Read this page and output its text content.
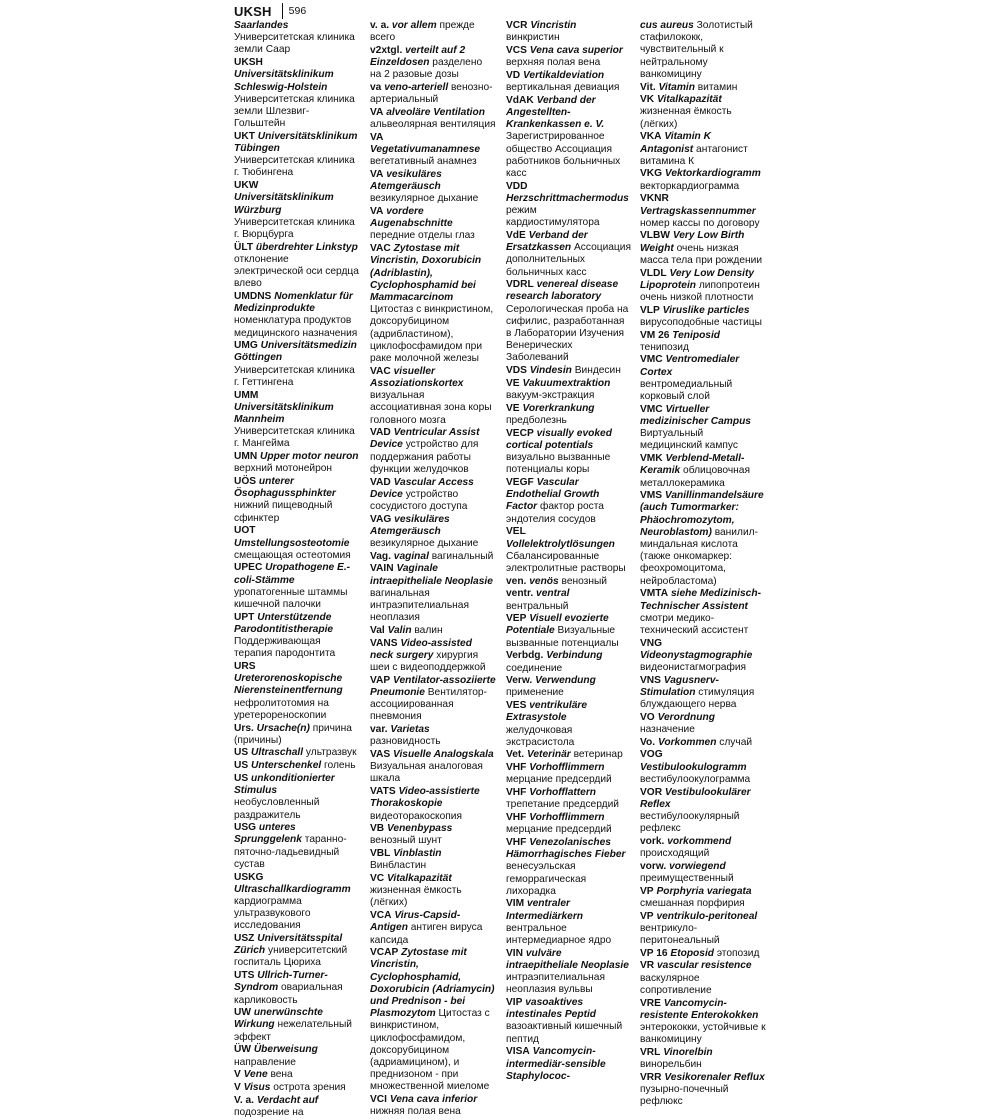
UKSH 596
Saarlandes Университетская клиника земли Саар
UKSH Universitätsklinikum Schleswig-Holstein Университетская клиника земли Шлезвиг-Гольштейн
UKT Universitätsklinikum Tübingen Университетская клиника г. Тюбингена
UKW Universitätsklinikum Würzburg Университетская клиника г. Вюрцбурга
ÜLT überdrehter Linkstyp отклонение электрической оси сердца влево
UMDNS Nomenklatur für Medizinprodukte номенклатура продуктов медицинского назначения
UMG Universitätsmedizin Göttingen Университетская клиника г. Геттингена
UMM Universitätsklinikum Mannheim Университетская клиника г. Мангейма
UMN Upper motor neuron верхний мотонейрон
UÖS unterer Ösophagussphinkter нижний пищеводный сфинктер
UOT Umstellungsosteotomie смещающая остеотомия
UPEC Uropathogene E.-coli-Stämme уропатогенные штаммы кишечной палочки
UPT Unterstützende Parodontitistherapie Поддерживающая терапия пародонтита
URS Ureterorenoskopische Nierensteinentfernung нефролитотомия на уретерореноскопии
Urs. Ursache(n) причина (причины)
US Ultraschall ультразвук
US Unterschenkel голень
US unkonditionierter Stimulus необусловленный раздражитель
USG unteres Sprunggelenk таранно-пяточно-ладьевидный сустав
USKG Ultraschallkardiogramm кардиограмма ультразвукового исследования
USZ Universitätsspital Zürich университетский госпиталь Цюриха
UTS Ullrich-Turner-Syndrom овариальная карликовость
UW unerwünschte Wirkung нежелательный эффект
ÜW Überweisung направление
V Vene вена
V Visus острота зрения
V. a. Verdacht auf подозрение на
v. a. vor allem прежде всего
v2xtgl. verteilt auf 2 Einzeldosen разделено на 2 разовые дозы
va veno-arteriell венозно-артериальный
VA alveoläre Ventilation альвеолярная вентиляция
VA Vegetativumanamnese вегетативный анамнез
VA vesikuläres Atemgeräusch везикулярное дыхание
VA vordere Augenabschnitte передние отделы глаз
VAC Zytostase mit Vincristin, Doxorubicin (Adriblastin), Cyclophosphamid bei Mammacarcinom Цитостаз с винкристином, доксорубицином (адрибластином), циклофосфамидом при раке молочной железы
VAC visueller Assoziationskortex визуальная ассоциативная зона коры головного мозга
VAD Ventricular Assist Device устройство для поддержания работы функции желудочков
VAD Vascular Access Device устройство сосудистого доступа
VAG vesikuläres Atemgeräusch везикулярное дыхание
Vag. vaginal вагинальный
VAIN Vaginale intraepitheliale Neoplasie вагинальная интраэпителиальная неоплазия
Val Valin валин
VANS Video-assisted neck surgery хирургия шеи с видеоподдержкой
VAP Ventilator-assoziierte Pneumonie Вентилятор-ассоциированная пневмония
var. Varietas разновидность
VAS Visuelle Analogskala Визуальная аналоговая шкала
VATS Video-assistierte Thorakoskopie видеоторакоскопия
VB Venenbypass венозный шунт
VBL Vinblastin Винбластин
VC Vitalkapazität жизненная ёмкость (лёгких)
VCA Virus-Capsid-Antigen антиген вируса капсида
VCAP Zytostase mit Vincristin, Cyclophosphamid, Doxorubicin (Adriamycin) und Prednison - bei Plasmozytom Цитостаз с винкристином, циклофосфамидом, доксорубицином (адриамицином), и преднизоном - при множественной миеломе
VCI Vena cava inferior нижняя полая вена
VCR Vincristin винкристин
VCS Vena cava superior верхняя полая вена
VD Vertikaldeviation вертикальная девиация
VdAK Verband der Angestellten-Krankenkassen e. V. Зарегистрированное общество Ассоциация работников больничных касс
VDD Herzschrittmachermodus режим кардиостимулятора
VdE Verband der Ersatzkassen Ассоциация дополнительных больничных касс
VDRL venereal disease research laboratory Серологическая проба на сифилис, разработанная в Лаборатории Изучения Венерических Заболеваний
VDS Vindesin Виндесин
VE Vakuumextraktion вакуум-экстракция
VE Vorerkrankung предболезнь
VECP visually evoked cortical potentials визуально вызванные потенциалы коры
VEGF Vascular Endothelial Growth Factor фактор роста эндотелия сосудов
VEL Vollelektrolytlösungen Сбалансированные электролитные растворы
ven. venös венозный
ventr. ventral вентральный
VEP Visuell evozierte Potentiale Визуальные вызванные потенциалы
Verbdg. Verbindung соединение
Verw. Verwendung применение
VES ventrikuläre Extrasystole желудочковая экстрасистола
Vet. Veterinär ветеринар
VHF Vorhofflimmern мерцание предсердий
VHF Vorhofflattern трепетание предсердий
VHF Vorhofflimmern мерцание предсердий
VHF Venezolanisches Hämorrhagisches Fieber венесуэльская геморрагическая лихорадка
VIM ventraler Intermediärkern вентральное интермедиарное ядро
VIN vulväre intraepitheliale Neoplasie интраэпителиальная неоплазия вульвы
VIP vasoaktives intestinales Peptid вазоактивный кишечный пептид
VISA Vancomycin-intermediär-sensible Staphylococ-
cus aureus Золотистый стафилококк, чувствительный к нейтральному ванкомицину
Vit. Vitamin витамин
VK Vitalkapazität жизненная ёмкость (лёгких)
VKA Vitamin K Antagonist антагонист витамина К
VKG Vektorkardiogramm векторкардиограмма
VKNR Vertragskassennummer номер кассы по договору
VLBW Very Low Birth Weight очень низкая масса тела при рождении
VLDL Very Low Density Lipoprotein липопротеин очень низкой плотности
VLP Viruslike particles вирусоподобные частицы
VM 26 Teniposid тенипозид
VMC Ventromedialer Cortex вентромедиальный корковый слой
VMC Virtueller medizinischer Campus Виртуальный медицинский кампус
VMK Verblend-Metall-Keramik облицовочная металлокерамика
VMS Vanillinmandelsäure (auch Tumormarker: Phäochromozytom, Neuroblastom) ванилил-миндальная кислота (также онкомаркер: феохромоцитома, нейробластома)
VMTA siehe Medizinisch-Technischer Assistent смотри медико-технический ассистент
VNG Videonystagmographie видеонистагмография
VNS Vagusnerv-Stimulation стимуляция блуждающего нерва
VO Verordnung назначение
Vo. Vorkommen случай
VOG Vestibulookulogramm вестибулоокулограмма
VOR Vestibulookulärer Reflex вестибулоокулярный рефлекс
vork. vorkommend происходящий
vorw. vorwiegend преимущественный
VP Porphyria variegata смешанная порфирия
VP ventrikulo-peritoneal вентрикуло-перитонеальный
VP 16 Etoposid этопозид
VR vascular resistence васкулярное сопротивление
VRE Vancomycin-resistente Enterokokken энтерококки, устойчивые к ванкомицину
VRL Vinorelbin винорельбин
VRR Vesikorenaler Reflux пузырно-почечный рефлюкс
